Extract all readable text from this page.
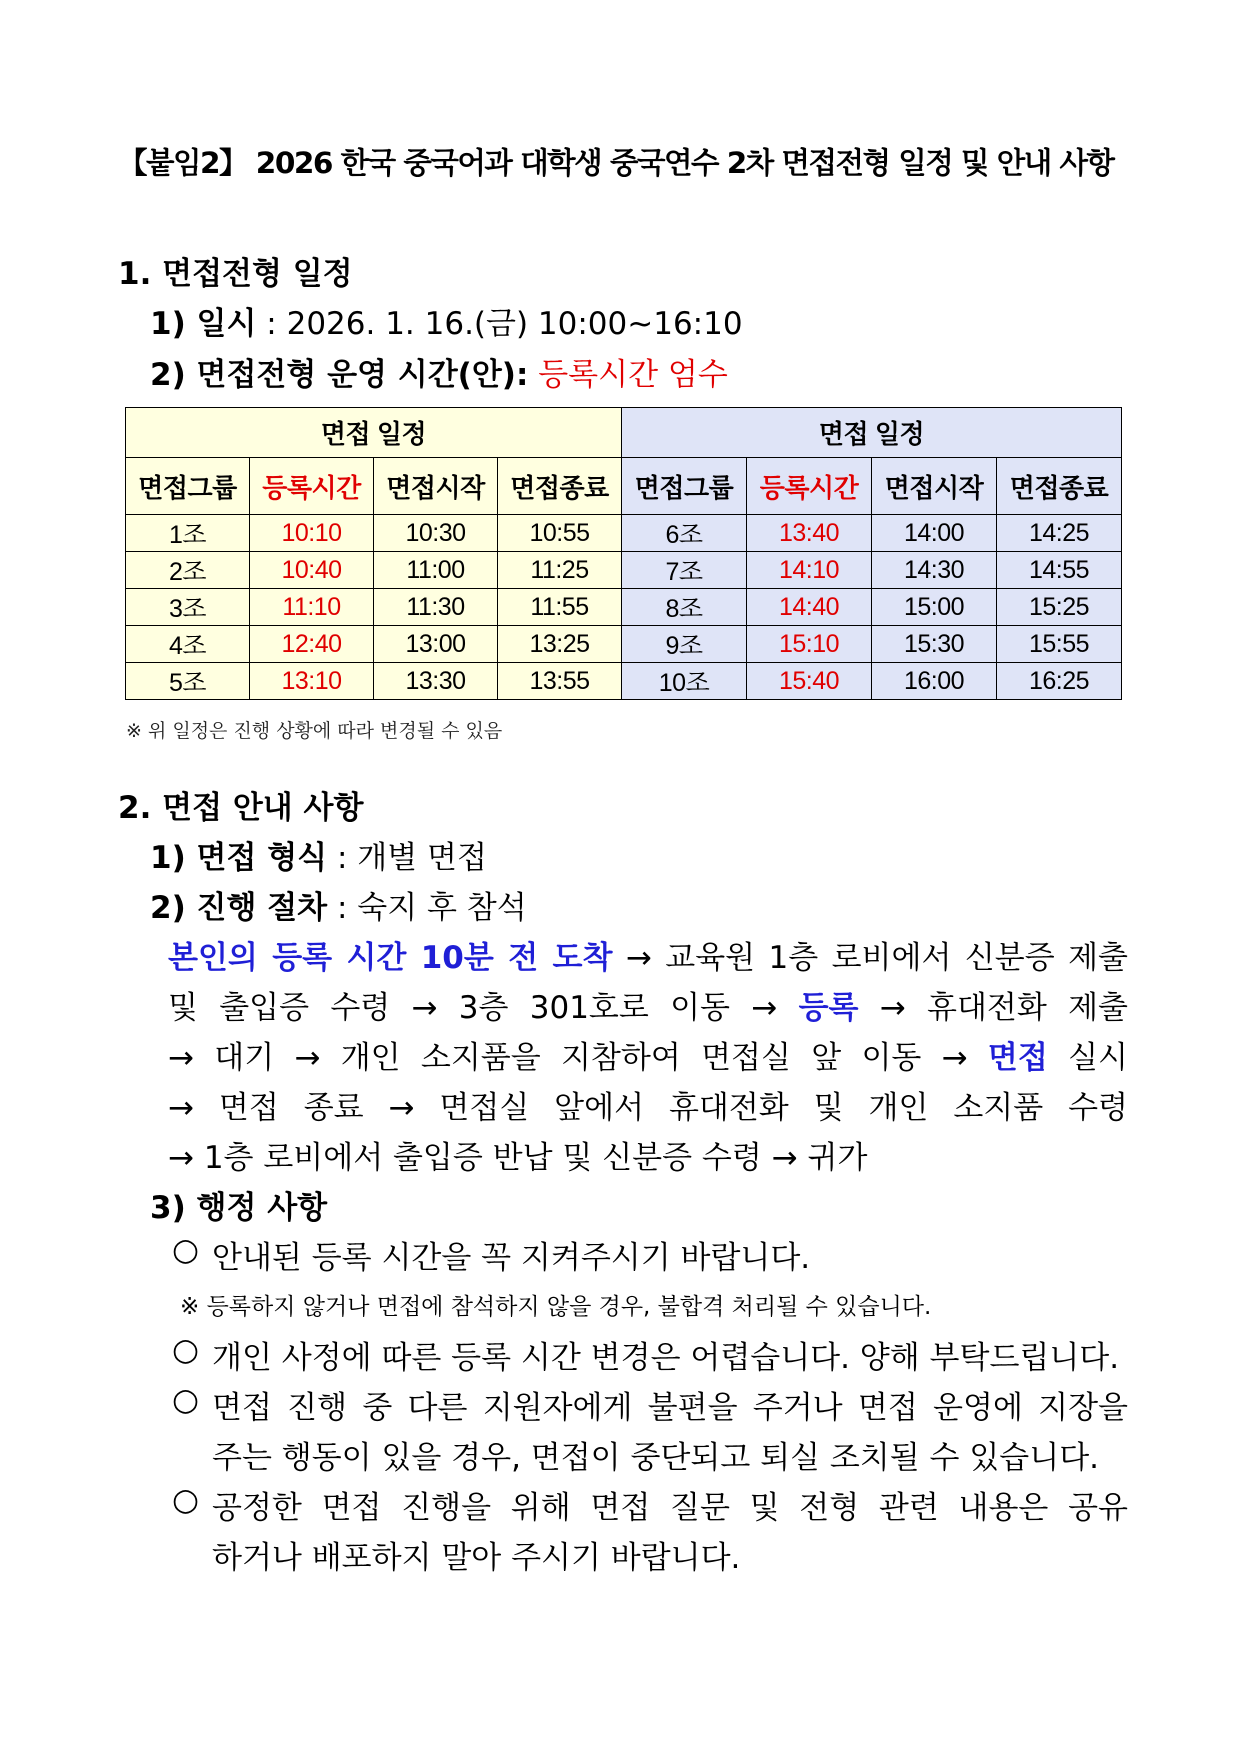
【붙임2】 2026 한국 중국어과 대학생 중국연수 2차 면접전형 일정 및 안내 사항
1. 면접전형 일정
1) 일시 : 2026. 1. 16.(금) 10:00~16:10
2) 면접전형 운영 시간(안): 등록시간 엄수
면접 일정				면접 일정			
면접그룹	등록시간	면접시작	면접종료	면접그룹	등록시간	면접시작	면접종료
1조	10:10	10:30	10:55	6조	13:40	14:00	14:25
2조	10:40	11:00	11:25	7조	14:10	14:30	14:55
3조	11:10	11:30	11:55	8조	14:40	15:00	15:25
4조	12:40	13:00	13:25	9조	15:10	15:30	15:55
5조	13:10	13:30	13:55	10조	15:40	16:00	16:25
※ 위 일정은 진행 상황에 따라 변경될 수 있음
2. 면접 안내 사항
1) 면접 형식 : 개별 면접
2) 진행 절차 : 숙지 후 참석
본인의 등록 시간 10분 전 도착 → 교육원 1층 로비에서 신분증 제출
및 출입증 수령 → 3층 301호로 이동 → 등록 → 휴대전화 제출
→ 대기 → 개인 소지품을 지참하여 면접실 앞 이동 → 면접 실시
→ 면접 종료 → 면접실 앞에서 휴대전화 및 개인 소지품 수령
→ 1층 로비에서 출입증 반납 및 신분증 수령 → 귀가
3) 행정 사항
○ 안내된 등록 시간을 꼭 지켜주시기 바랍니다.
※ 등록하지 않거나 면접에 참석하지 않을 경우, 불합격 처리될 수 있습니다.
○ 개인 사정에 따른 등록 시간 변경은 어렵습니다. 양해 부탁드립니다.
○ 면접 진행 중 다른 지원자에게 불편을 주거나 면접 운영에 지장을
주는 행동이 있을 경우, 면접이 중단되고 퇴실 조치될 수 있습니다.
○ 공정한 면접 진행을 위해 면접 질문 및 전형 관련 내용은 공유
하거나 배포하지 말아 주시기 바랍니다.
